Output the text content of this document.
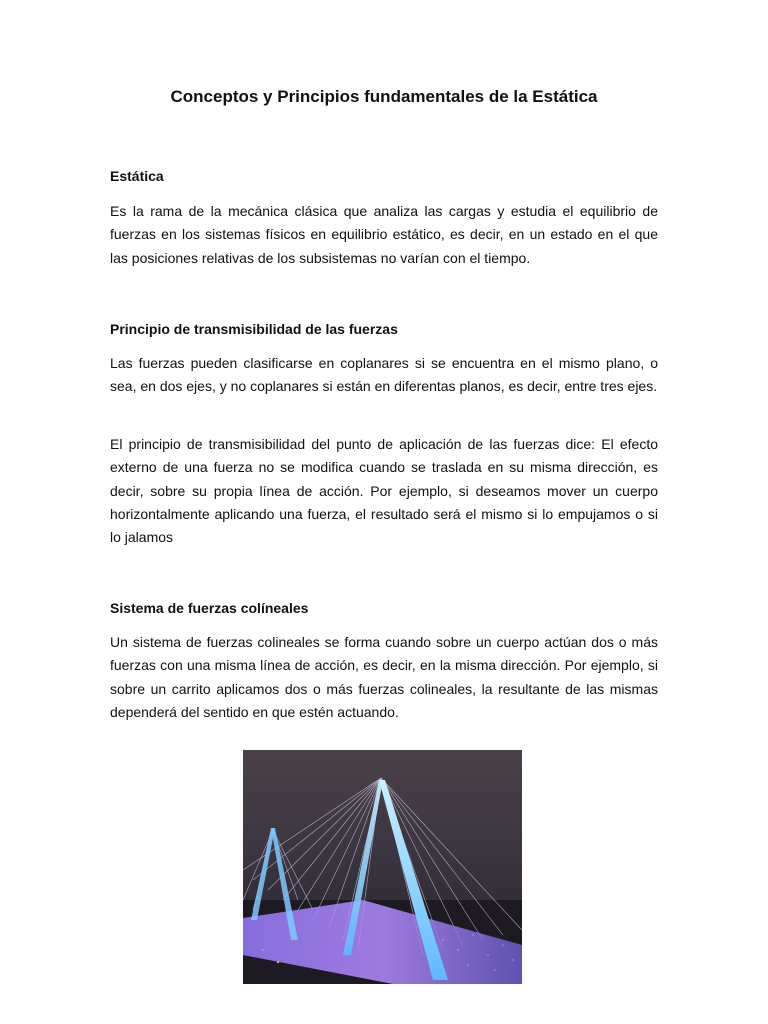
Conceptos y Principios fundamentales de la Estática
Estática

Es la rama de la mecánica clásica que analiza las cargas y estudia el equilibrio de fuerzas en los sistemas físicos en equilibrio estático, es decir, en un estado en el que las posiciones relativas de los subsistemas no varían con el tiempo.

Principio de transmisibilidad de las fuerzas

Las fuerzas pueden clasificarse en coplanares si se encuentra en el mismo plano, o sea, en dos ejes, y no coplanares si están en diferentas planos, es decir, entre tres ejes.

El principio de transmisibilidad del punto de aplicación de las fuerzas dice: El efecto externo de una fuerza no se modifica cuando se traslada en su misma dirección, es decir, sobre su propia línea de acción. Por ejemplo, si deseamos mover un cuerpo horizontalmente aplicando una fuerza, el resultado será el mismo si lo empujamos o si lo jalamos

Sistema de fuerzas colíneales

Un sistema de fuerzas colineales se forma cuando sobre un cuerpo actúan dos o más fuerzas con una misma línea de acción, es decir, en la misma dirección. Por ejemplo, si sobre un carrito aplicamos dos o más fuerzas colineales, la resultante de las mismas dependerá del sentido en que estén actuando.
